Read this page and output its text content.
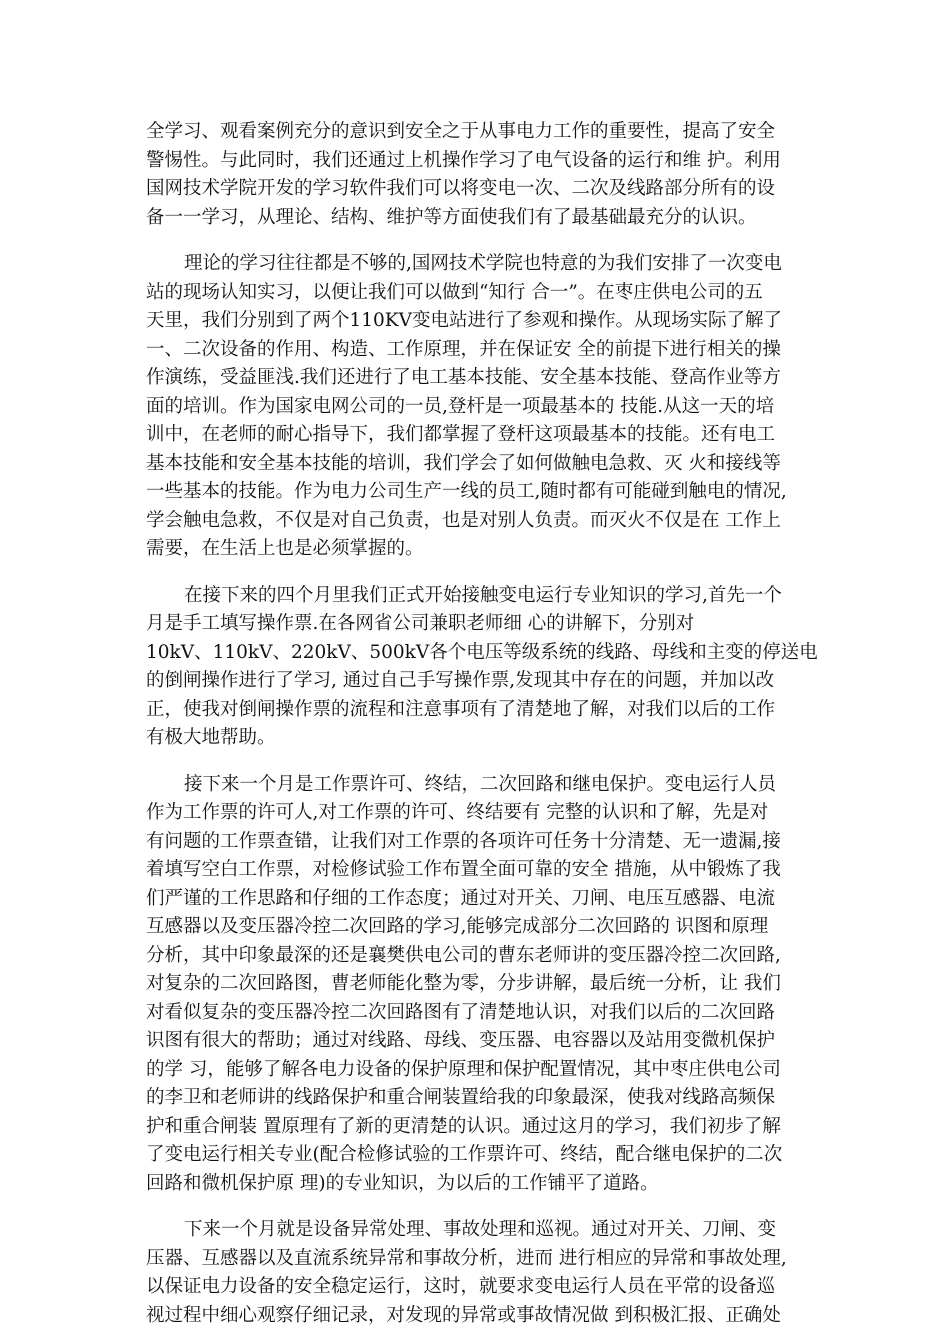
全学习、观看案例充分的意识到安全之于从事电力工作的重要性，提高了安全
警惕性。与此同时，我们还通过上机操作学习了电气设备的运行和维 护。利用
国网技术学院开发的学习软件我们可以将变电一次、二次及线路部分所有的设
备一一学习，从理论、结构、维护等方面使我们有了最基础最充分的认识。
理论的学习往往都是不够的,国网技术学院也特意的为我们安排了一次变电
站的现场认知实习，以便让我们可以做到“知行 合一”。在枣庄供电公司的五
天里，我们分别到了两个110KV变电站进行了参观和操作。从现场实际了解了
一、二次设备的作用、构造、工作原理，并在保证安 全的前提下进行相关的操
作演练，受益匪浅.我们还进行了电工基本技能、安全基本技能、登高作业等方
面的培训。作为国家电网公司的一员,登杆是一项最基本的 技能.从这一天的培
训中，在老师的耐心指导下，我们都掌握了登杆这项最基本的技能。还有电工
基本技能和安全基本技能的培训，我们学会了如何做触电急救、灭 火和接线等
一些基本的技能。作为电力公司生产一线的员工,随时都有可能碰到触电的情况,
学会触电急救，不仅是对自己负责，也是对别人负责。而灭火不仅是在 工作上
需要，在生活上也是必须掌握的。
在接下来的四个月里我们正式开始接触变电运行专业知识的学习,首先一个
月是手工填写操作票.在各网省公司兼职老师细 心的讲解下，分别对
10kV、110kV、220kV、500kV各个电压等级系统的线路、母线和主变的停送电
的倒闸操作进行了学习, 通过自己手写操作票,发现其中存在的问题，并加以改
正，使我对倒闸操作票的流程和注意事项有了清楚地了解，对我们以后的工作
有极大地帮助。
接下来一个月是工作票许可、终结，二次回路和继电保护。变电运行人员
作为工作票的许可人,对工作票的许可、终结要有 完整的认识和了解，先是对
有问题的工作票查错，让我们对工作票的各项许可任务十分清楚、无一遗漏,接
着填写空白工作票，对检修试验工作布置全面可靠的安全 措施，从中锻炼了我
们严谨的工作思路和仔细的工作态度；通过对开关、刀闸、电压互感器、电流
互感器以及变压器冷控二次回路的学习,能够完成部分二次回路的 识图和原理
分析，其中印象最深的还是襄樊供电公司的曹东老师讲的变压器冷控二次回路,
对复杂的二次回路图，曹老师能化整为零，分步讲解，最后统一分析，让 我们
对看似复杂的变压器冷控二次回路图有了清楚地认识，对我们以后的二次回路
识图有很大的帮助；通过对线路、母线、变压器、电容器以及站用变微机保护
的学 习，能够了解各电力设备的保护原理和保护配置情况，其中枣庄供电公司
的李卫和老师讲的线路保护和重合闸装置给我的印象最深，使我对线路高频保
护和重合闸装 置原理有了新的更清楚的认识。通过这月的学习，我们初步了解
了变电运行相关专业(配合检修试验的工作票许可、终结，配合继电保护的二次
回路和微机保护原 理)的专业知识，为以后的工作铺平了道路。
下来一个月就是设备异常处理、事故处理和巡视。通过对开关、刀闸、变
压器、互感器以及直流系统异常和事故分析，进而 进行相应的异常和事故处理,
以保证电力设备的安全稳定运行，这时，就要求变电运行人员在平常的设备巡
视过程中细心观察仔细记录，对发现的异常或事故情况做 到积极汇报、正确处
